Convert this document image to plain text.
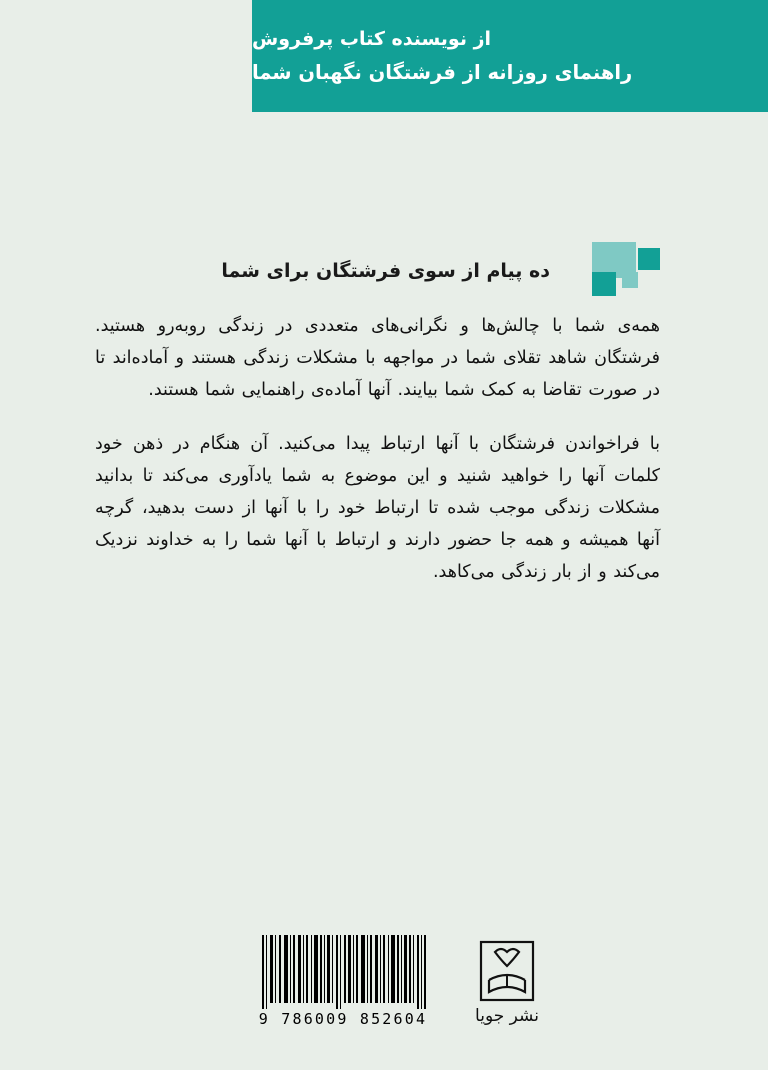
از نویسنده کتاب پرفروش
راهنمای روزانه از فرشتگان نگهبان شما
ده پیام از سوی فرشتگان برای شما

همه‌ی شما با چالش‌ها و نگرانی‌های متعددی در زندگی روبه‌رو هستید. فرشتگان شاهد تقلای شما در مواجهه با مشکلات زندگی هستند و آماده‌اند تا در صورت تقاضا به کمک شما بیایند. آنها آماده‌ی راهنمایی شما هستند.

با فراخواندن فرشتگان با آنها ارتباط پیدا می‌کنید. آن هنگام در ذهن خود کلمات آنها را خواهید شنید و این موضوع به شما یادآوری می‌کند تا بدانید مشکلات زندگی موجب شده تا ارتباط خود را با آنها از دست بدهید، گرچه آنها همیشه و همه جا حضور دارند و ارتباط با آنها شما را به خداوند نزدیک می‌کند و از بار زندگی می‌کاهد.

9 786009 852604	نشر جویا
